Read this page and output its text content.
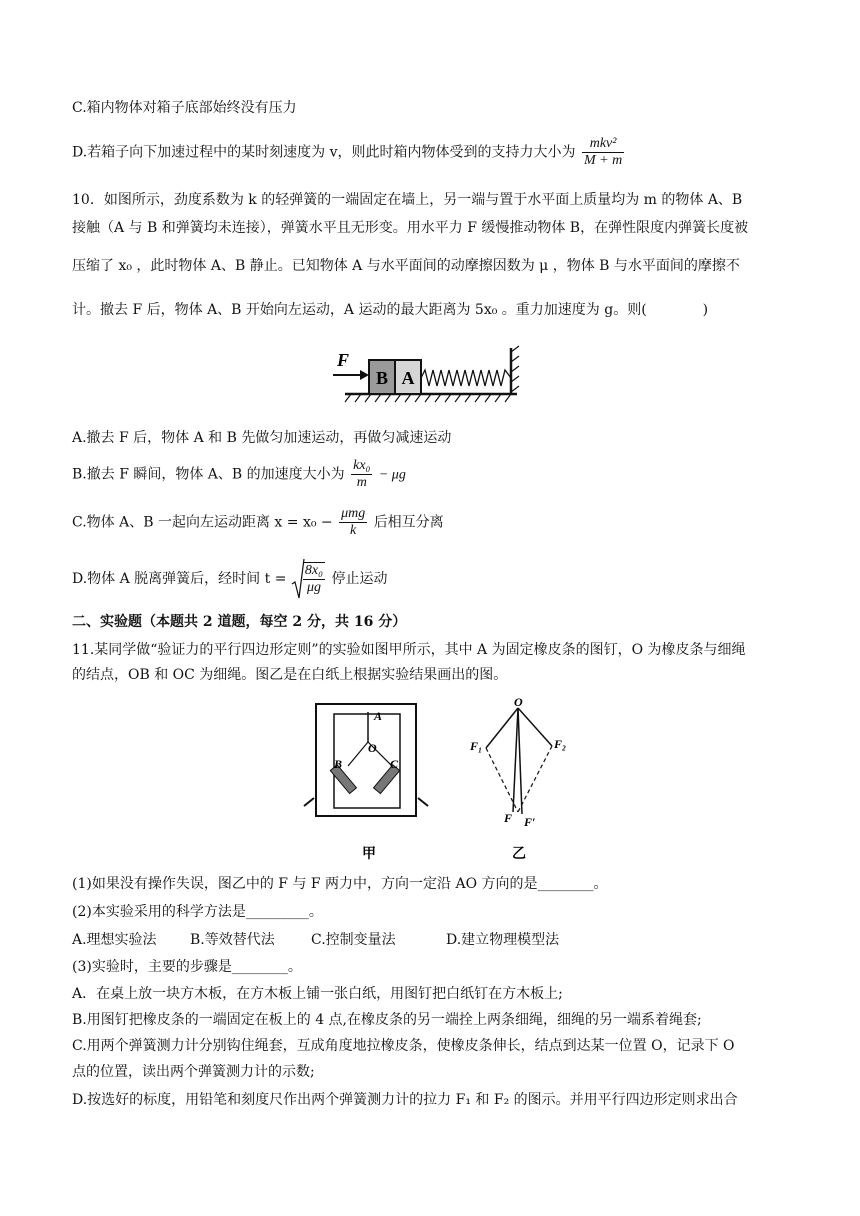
C.箱内物体对箱子底部始终没有压力
D.若箱子向下加速过程中的某时刻速度为 v，则此时箱内物体受到的支持力大小为 $\frac{\text{mkv²}}{M + m}$
10．如图所示，劲度系数为 k 的轻弹簧的一端固定在墙上，另一端与置于水平面上质量均为 m 的物体 A、B
接触（A 与 B 和弹簧均未连接），弹簧水平且无形变。用水平力 F 缓慢推动物体 B，在弹性限度内弹簧长度被
压缩了 x₀ ，此时物体 A、B 静止。已知物体 A 与水平面间的动摩擦因数为 μ ，物体 B 与水平面间的摩擦不
计。撤去 F 后，物体 A、B 开始向左运动，A 运动的最大距离为 5x₀ 。重力加速度为 g。则(	)
B A
F
A.撤去 F 后，物体 A 和 B 先做匀加速运动，再做匀减速运动
B.撤去 F 瞬间，物体 A、B 的加速度大小为 $\frac{\text{kx₀}}{m} - \mu g$
C.物体 A、B 一起向左运动距离 $x = x_0 - \frac{\text{μmg}}{k}$ 后相互分离
D.物体 A 脱离弹簧后，经时间 $t = \frac{\text{8x₀}}{\mu g}$ 停止运动
二、实验题（本题共 2 道题，每空 2 分，共 16 分）
11.某同学做“验证力的平行四边形定则”的实验如图甲所示，其中 A 为固定橡皮条的图钉，O 为橡皮条与细绳
的结点，OB 和 OC 为细绳。图乙是在白纸上根据实验结果画出的图。
A
O
B	C
甲
O
F₁	F₂
F F′
乙
(1)如果没有操作失误，图乙中的 F 与 F 两力中，方向一定沿 AO 方向的是________。
(2)本实验采用的科学方法是_________。
A.理想实验法 B.等效替代法	C.控制变量法	D.建立物理模型法
(3)实验时，主要的步骤是________。
A．在桌上放一块方木板，在方木板上铺一张白纸，用图钉把白纸钉在方木板上;
B.用图钉把橡皮条的一端固定在板上的 4 点,在橡皮条的另一端拴上两条细绳，细绳的另一端系着绳套;
C.用两个弹簧测力计分别钩住绳套，互成角度地拉橡皮条，使橡皮条伸长，结点到达某一位置 O，记录下 O
点的位置，读出两个弹簧测力计的示数;
D.按选好的标度，用铅笔和刻度尺作出两个弹簧测力计的拉力 F₁ 和 F₂ 的图示。并用平行四边形定则求出合
